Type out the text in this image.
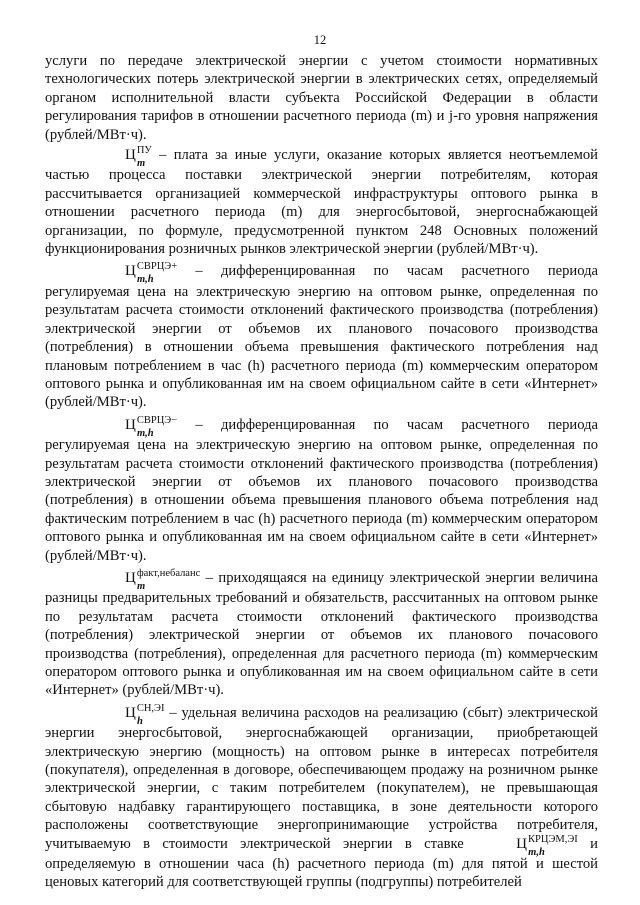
12

услуги по передаче электрической энергии с учетом стоимости нормативных технологических потерь электрической энергии в электрических сетях, определяемый органом исполнительной власти субъекта Российской Федерации в области регулирования тарифов в отношении расчетного периода (m) и j-го уровня напряжения (рублей/МВт·ч).

$Ц^{ПУ}$
m
– плата за иные услуги, оказание которых является неотъемлемой частью процесса поставки электрической энергии потребителям, которая рассчитывается организацией коммерческой инфраструктуры оптового рынка в отношении расчетного периода (m) для энергосбытовой, энергоснабжающей организации, по формуле, предусмотренной пунктом 248 Основных положений функционирования розничных рынков электрической энергии (рублей/МВт·ч).

$Ц^{СВРЦЭ+}$
m,h
– дифференцированная по часам расчетного периода регулируемая цена на электрическую энергию на оптовом рынке, определенная по результатам расчета стоимости отклонений фактического производства (потребления) электрической энергии от объемов их планового почасового производства (потребления) в отношении объема превышения фактического потребления над плановым потреблением в час (h) расчетного периода (m) коммерческим оператором оптового рынка и опубликованная им на своем официальном сайте в сети «Интернет» (рублей/МВт·ч).

$Ц^{СВРЦЭ-}$
m,h
– дифференцированная по часам расчетного периода регулируемая цена на электрическую энергию на оптовом рынке, определенная по результатам расчета стоимости отклонений фактического производства (потребления) электрической энергии от объемов их планового почасового производства (потребления) в отношении объема превышения планового объема потребления над фактическим потреблением в час (h) расчетного периода (m) коммерческим оператором оптового рынка и опубликованная им на своем официальном сайте в сети «Интернет» (рублей/МВт·ч).

$Ц^{факт,небаланс}$
m
– приходящаяся на единицу электрической энергии величина разницы предварительных требований и обязательств, рассчитанных на оптовом рынке по результатам расчета стоимости отклонений фактического производства (потребления) электрической энергии от объемов их планового почасового производства (потребления), определенная для расчетного периода (m) коммерческим оператором оптового рынка и опубликованная им на своем официальном сайте в сети «Интернет» (рублей/МВт·ч).

$Ц^{СН,ЭІ}$
h
– удельная величина расходов на реализацию (сбыт) электрической энергии энергосбытовой, энергоснабжающей организации, приобретающей электрическую энергию (мощность) на оптовом рынке в интересах потребителя (покупателя), определенная в договоре, обеспечивающем продажу на розничном рынке электрической энергии, с таким потребителем (покупателем), не превышающая сбытовую надбавку гарантирующего поставщика, в зоне деятельности которого расположены соответствующие энергопринимающие устройства потребителя, учитываемую в стоимости электрической энергии в ставке	$Ц^{КРЦЭМ,ЭІ}$
m,h
и определяемую в отношении часа (h) расчетного периода (m) для пятой и шестой ценовых категорий для соответствующей группы (подгруппы) потребителей
